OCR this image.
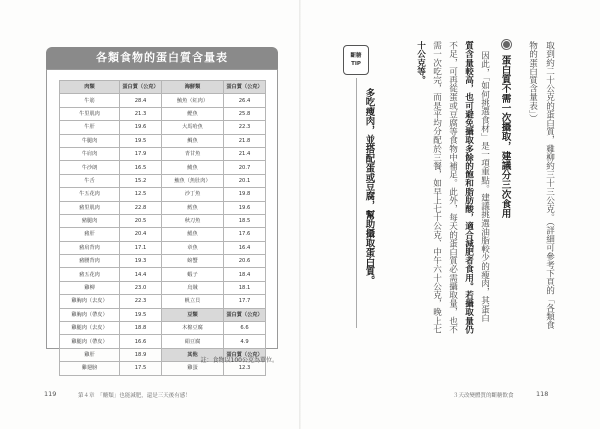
各類食物的蛋白質含量表
肉類	蛋白質（公克）	海鮮類	蛋白質（公克）
牛筋	28.4	鮪魚（紅肉）	26.4
牛里肌肉	21.3	鰹魚	25.8
牛肝	19.6	大馬哈魚	22.3
牛腿肉	19.5	鯛魚	21.8
牛肩肉	17.9	青甘魚	21.4
牛沙朗	16.5	鯖魚	20.7
牛舌	15.2	鮪魚（魚肚肉）	20.1
牛五花肉	12.5	沙丁魚	19.8
豬里肌肉	22.8	鱈魚	19.6
豬腿肉	20.5	秋刀魚	18.5
豬肝	20.4	鯧魚	17.6
豬肩背肉	17.1	章魚	16.4
豬腰背肉	19.3	螃蟹	20.6
豬五花肉	14.4	蝦子	18.4
雞柳	23.0	烏賊	18.1
雞胸肉（去皮）	22.3	帆立貝	17.7
雞胸肉（帶皮）	19.5	豆類	蛋白質（公克）
雞腿肉（去皮）	18.8	木棉豆腐	6.6
雞腿肉（帶皮）	16.6	絹豆腐	4.9
雞肝	18.9	其他	蛋白質（公克）
雞翅膀	17.5	雞蛋	12.3
註：食物以100公克為單位。
119	第４章　「醣類」也能減肥，還是三天後有感！
斷糖
TIP
多吃瘦肉，並搭配蛋或豆腐，幫助攝取蛋白質。
十公克等。 需一次吃完，而是平均分配於三餐，如早上七十公克、中午六十公克，晚上七 不足，可再從蛋或豆腐等食物中補足。此外，每天的蛋白質必需攝取量，也不 質含量較高，也可避免攝取多餘的飽和脂肪酸，適合減肥者食用。若攝取量仍 因此，「如何挑選食材」是一項重點。建議挑選油脂較少的瘦肉，其蛋白 蛋白質不需一次攝取，建議分三次食用 物的蛋白質含量表」） 取到約二十公克的蛋白質，雞柳約三十三公克。（詳細可參考下頁的「各類食
３天改變體質的斷糖飲食	118
